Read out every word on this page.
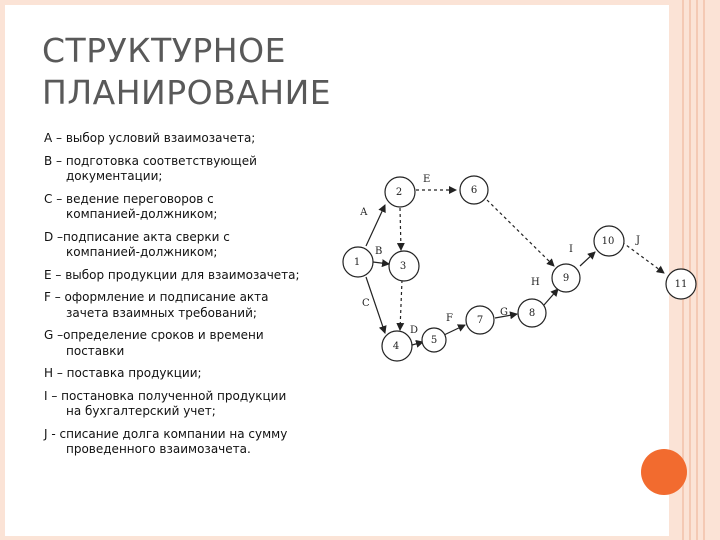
СТРУКТУРНОЕ
ПЛАНИРОВАНИЕ
А – выбор условий взаимозачета;
В – подготовка соответствующей
документации;
С – ведение переговоров с
компанией-должником;
D –подписание акта сверки с
компанией-должником;
Е – выбор продукции для взаимозачета;
F – оформление и подписание акта
зачета взаимных требований;
G –определение сроков и времени
поставки
Н – поставка продукции;
I – постановка полученной продукции
на бухгалтерский учет;
J - списание долга компании на сумму
проведенного взаимозачета.
1
2
3
4
5
6
7
8
9
10
11
А
В
С
D
Е
F
G
Н
I
J
